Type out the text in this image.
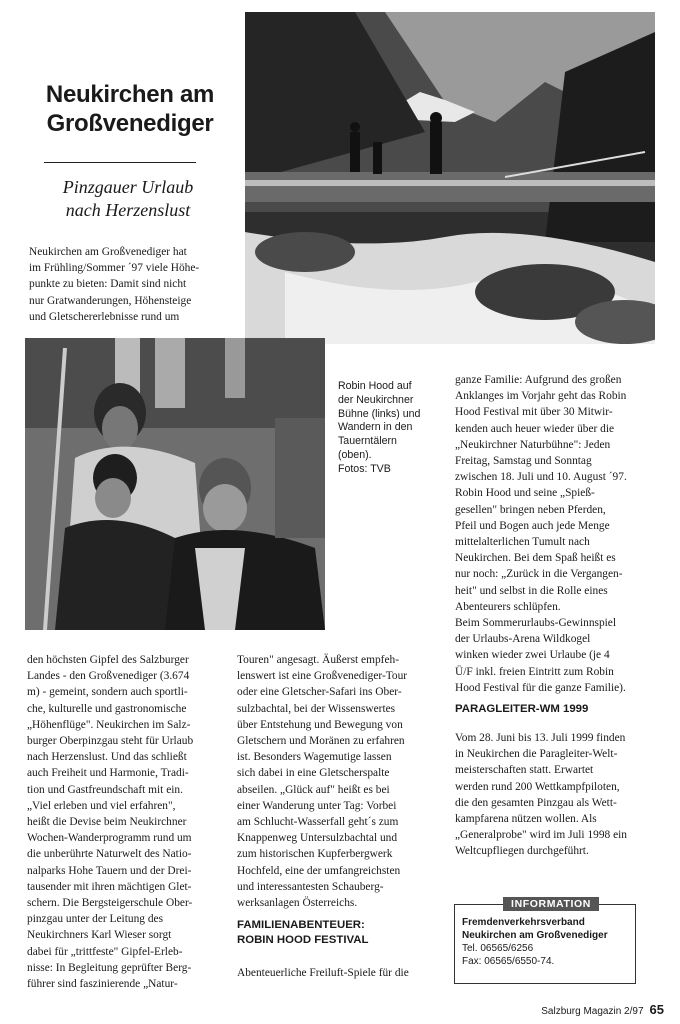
Neukirchen am
Großvenediger
Pinzgauer Urlaub
nach Herzenslust
Neukirchen am Großvenediger hat
im Frühling/Sommer ´97 viele Höhe-
punkte zu bieten: Damit sind nicht
nur Gratwanderungen, Höhensteige
und Gletschererlebnisse rund um
Robin Hood auf
der Neukirchner
Bühne (links) und
Wandern in den
Tauerntälern
(oben).
Fotos: TVB
den höchsten Gipfel des Salzburger
Landes - den Großvenediger (3.674
m) - gemeint, sondern auch sportli-
che, kulturelle und gastronomische
„Höhenflüge". Neukirchen im Salz-
burger Oberpinzgau steht für Urlaub
nach Herzenslust. Und das schließt
auch Freiheit und Harmonie, Tradi-
tion und Gastfreundschaft mit ein.
„Viel erleben und viel erfahren",
heißt die Devise beim Neukirchner
Wochen-Wanderprogramm rund um
die unberührte Naturwelt des Natio-
nalparks Hohe Tauern und der Drei-
tausender mit ihren mächtigen Glet-
schern. Die Bergsteigerschule Ober-
pinzgau unter der Leitung des
Neukirchners Karl Wieser sorgt
dabei für „trittfeste" Gipfel-Erleb-
nisse: In Begleitung geprüfter Berg-
führer sind faszinierende „Natur-
Touren" angesagt. Äußerst empfeh-
lenswert ist eine Großvenediger-Tour
oder eine Gletscher-Safari ins Ober-
sulzbachtal, bei der Wissenswertes
über Entstehung und Bewegung von
Gletschern und Moränen zu erfahren
ist. Besonders Wagemutige lassen
sich dabei in eine Gletscherspalte
abseilen. „Glück auf" heißt es bei
einer Wanderung unter Tag: Vorbei
am Schlucht-Wasserfall geht´s zum
Knappenweg Untersulzbachtal und
zum historischen Kupferbergwerk
Hochfeld, eine der umfangreichsten
und interessantesten Schauberg-
werksanlagen Österreichs.
FAMILIENABENTEUER:
ROBIN HOOD FESTIVAL
Abenteuerliche Freiluft-Spiele für die
ganze Familie: Aufgrund des großen
Anklanges im Vorjahr geht das Robin
Hood Festival mit über 30 Mitwir-
kenden auch heuer wieder über die
„Neukirchner Naturbühne": Jeden
Freitag, Samstag und Sonntag
zwischen 18. Juli und 10. August ´97.
Robin Hood und seine „Spieß-
gesellen" bringen neben Pferden,
Pfeil und Bogen auch jede Menge
mittelalterlichen Tumult nach
Neukirchen. Bei dem Spaß heißt es
nur noch: „Zurück in die Vergangen-
heit" und selbst in die Rolle eines
Abenteurers schlüpfen.
Beim Sommerurlaubs-Gewinnspiel
der Urlaubs-Arena Wildkogel
winken wieder zwei Urlaube (je 4
Ü/F inkl. freien Eintritt zum Robin
Hood Festival für die ganze Familie).
PARAGLEITER-WM 1999
Vom 28. Juni bis 13. Juli 1999 finden
in Neukirchen die Paragleiter-Welt-
meisterschaften statt. Erwartet
werden rund 200 Wettkampfpiloten,
die den gesamten Pinzgau als Wett-
kampfarena nützen wollen. Als
„Generalprobe" wird im Juli 1998 ein
Weltcupfliegen durchgeführt.
INFORMATION
Fremdenverkehrsverband
Neukirchen am Großvenediger
Tel. 06565/6256
Fax: 06565/6550-74.
Salzburg Magazin 2/97 65
